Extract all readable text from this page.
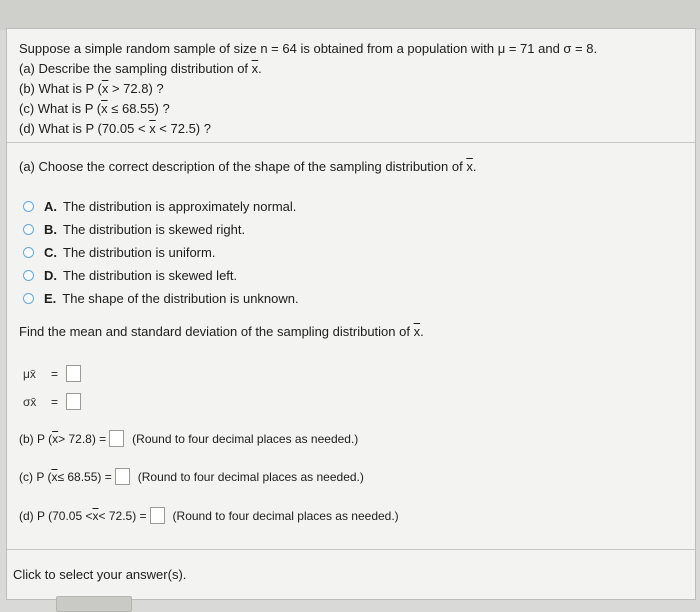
Suppose a simple random sample of size n = 64 is obtained from a population with μ = 71 and σ = 8.
(a) Describe the sampling distribution of $\overline{x}$.
(b) What is P $(\overline{x} > 72.8)$ ?
(c) What is P $(\overline{x} \le 68.55)$ ?
(d) What is P $(70.05 < \overline{x} < 72.5)$ ?
(a) Choose the correct description of the shape of the sampling distribution of $\overline{x}$.
A. The distribution is approximately normal.
B. The distribution is skewed right.
C. The distribution is uniform.
D. The distribution is skewed left.
E. The shape of the distribution is unknown.
Find the mean and standard deviation of the sampling distribution of $\overline{x}$.
μx̄	=
σx̄	=
(b) P ( $\overline{x} > 72.8$) = (Round to four decimal places as needed.)
(c) P ( $\overline{x} \le 68.55$) = (Round to four decimal places as needed.)
(d) P $(70.05 < \overline{x} < 72.5)$ = (Round to four decimal places as needed.)
Click to select your answer(s).
